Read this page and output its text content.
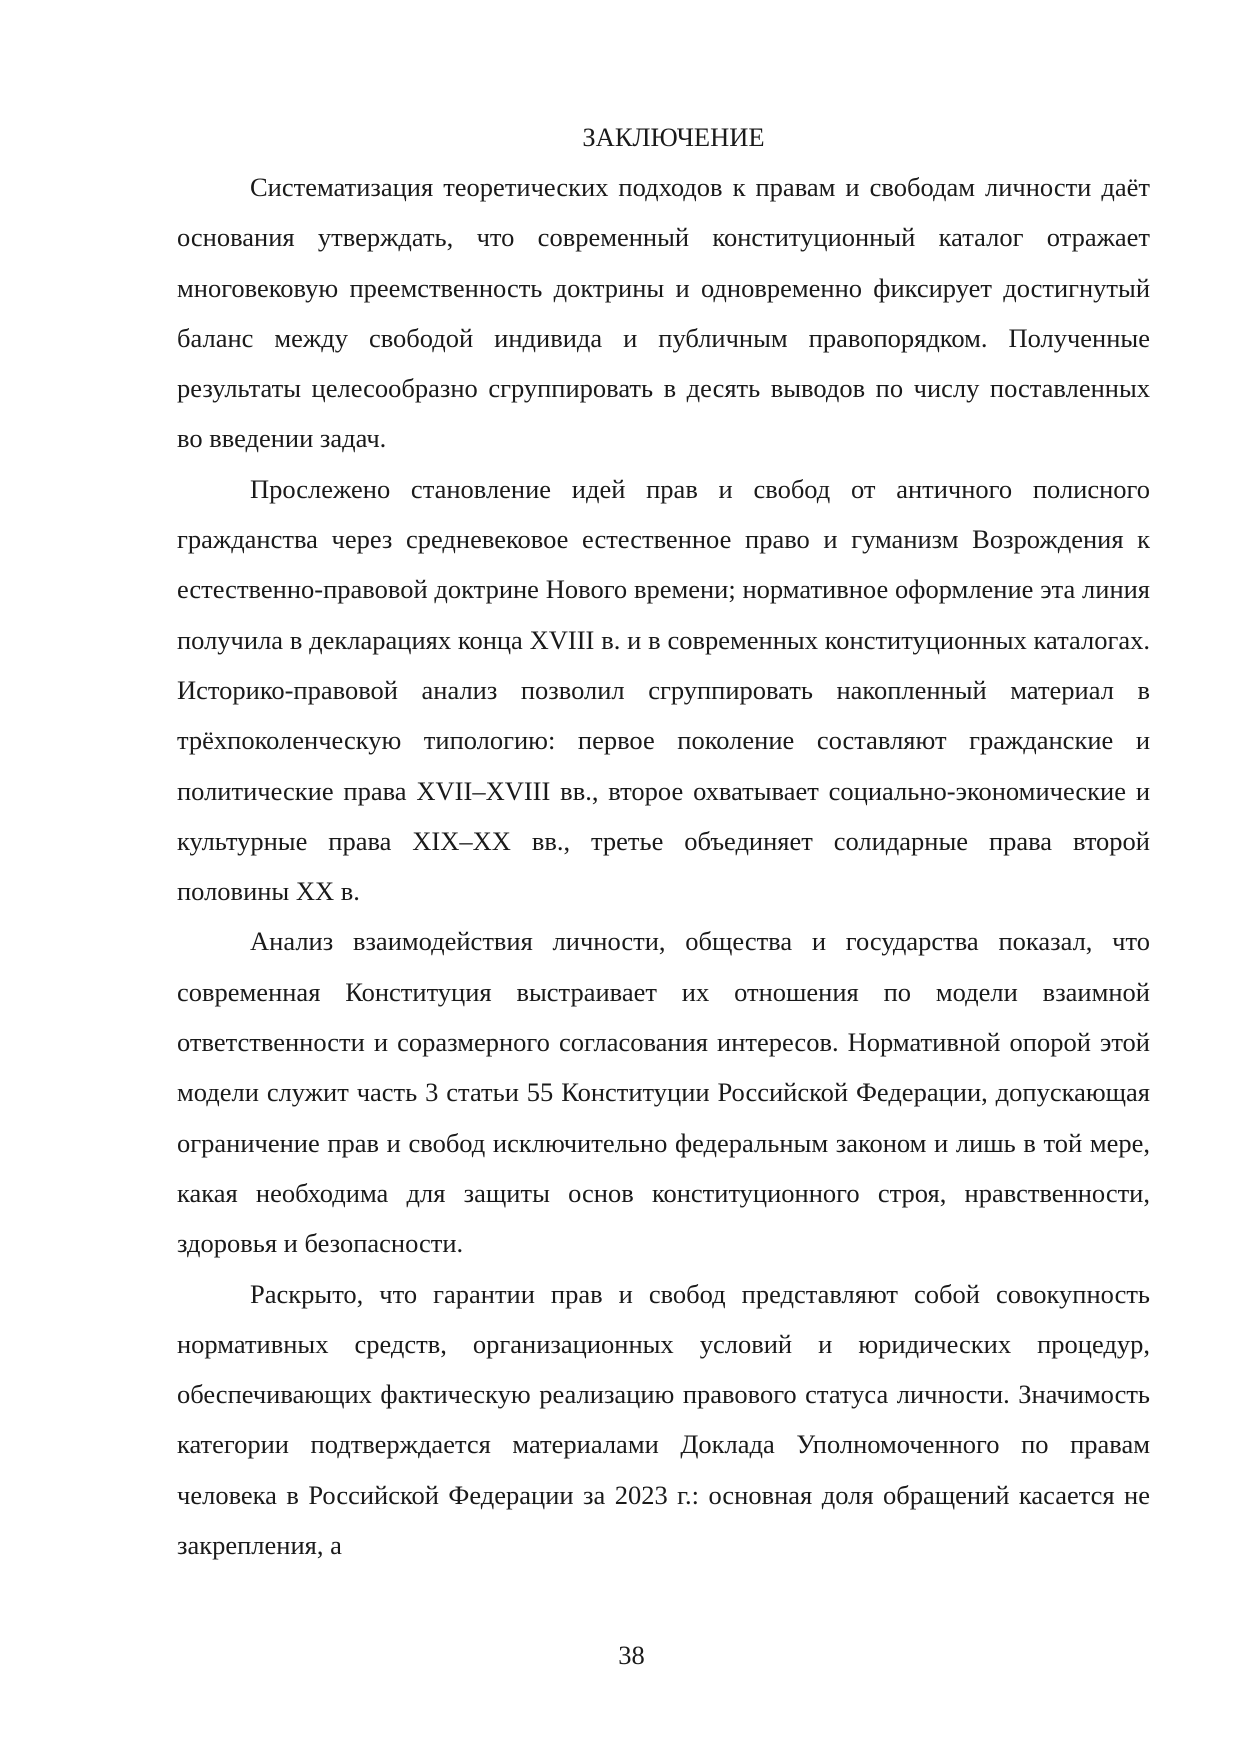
ЗАКЛЮЧЕНИЕ

Систематизация теоретических подходов к правам и свободам личности даёт основания утверждать, что современный конституционный каталог отражает многовековую преемственность доктрины и одновременно фиксирует достигнутый баланс между свободой индивида и публичным правопорядком. Полученные результаты целесообразно сгруппировать в десять выводов по числу поставленных во введении задач.

Прослежено становление идей прав и свобод от античного полисного гражданства через средневековое естественное право и гуманизм Возрождения к естественно-правовой доктрине Нового времени; нормативное оформление эта линия получила в декларациях конца XVIII в. и в современных конституционных каталогах. Историко-правовой анализ позволил сгруппировать накопленный материал в трёхпоколенческую типологию: первое поколение составляют гражданские и политические права XVII–XVIII вв., второе охватывает социально-экономические и культурные права XIX–XX вв., третье объединяет солидарные права второй половины XX в.

Анализ взаимодействия личности, общества и государства показал, что современная Конституция выстраивает их отношения по модели взаимной ответственности и соразмерного согласования интересов. Нормативной опорой этой модели служит часть 3 статьи 55 Конституции Российской Федерации, допускающая ограничение прав и свобод исключительно федеральным законом и лишь в той мере, какая необходима для защиты основ конституционного строя, нравственности, здоровья и безопасности.

Раскрыто, что гарантии прав и свобод представляют собой совокупность нормативных средств, организационных условий и юридических процедур, обеспечивающих фактическую реализацию правового статуса личности. Значимость категории подтверждается материалами Доклада Уполномоченного по правам человека в Российской Федерации за 2023 г.: основная доля обращений касается не закрепления, а

38
